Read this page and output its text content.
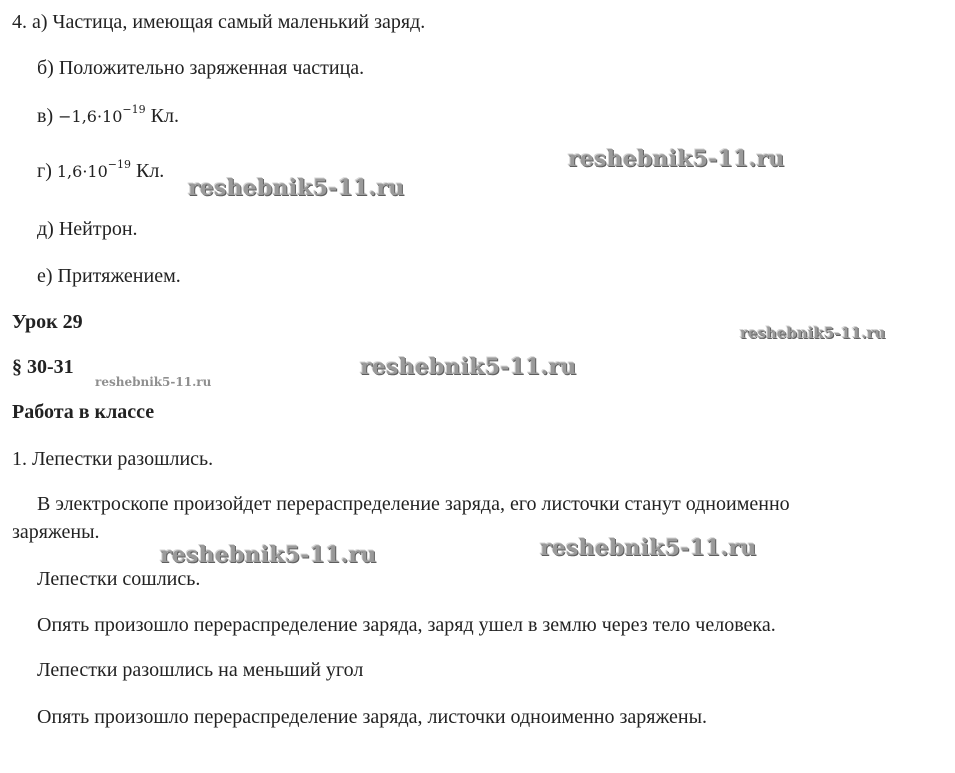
4. а) Частица, имеющая самый маленький заряд.
б) Положительно заряженная частица.
$в) -1,6\cdot 10^{-19}$ Кл.
г) $1,6\cdot 10^{-19}$ Кл.
д) Нейтрон.
е) Притяжением.
Урок 29
§ 30-31
Работа в классе
1. Лепестки разошлись.
В электроскопе произойдет перераспределение заряда, его листочки станут одноименно
заряжены.
Лепестки сошлись.
Опять произошло перераспределение заряда, заряд ушел в землю через тело человека.
Лепестки разошлись на меньший угол
Опять произошло перераспределение заряда, листочки одноименно заряжены.
reshebnik5-11.ru
reshebnik5-11.ru
reshebnik5-11.ru
reshebnik5-11.ru
reshebnik5-11.ru
reshebnik5-11.ru	reshebnik5-11.ru
